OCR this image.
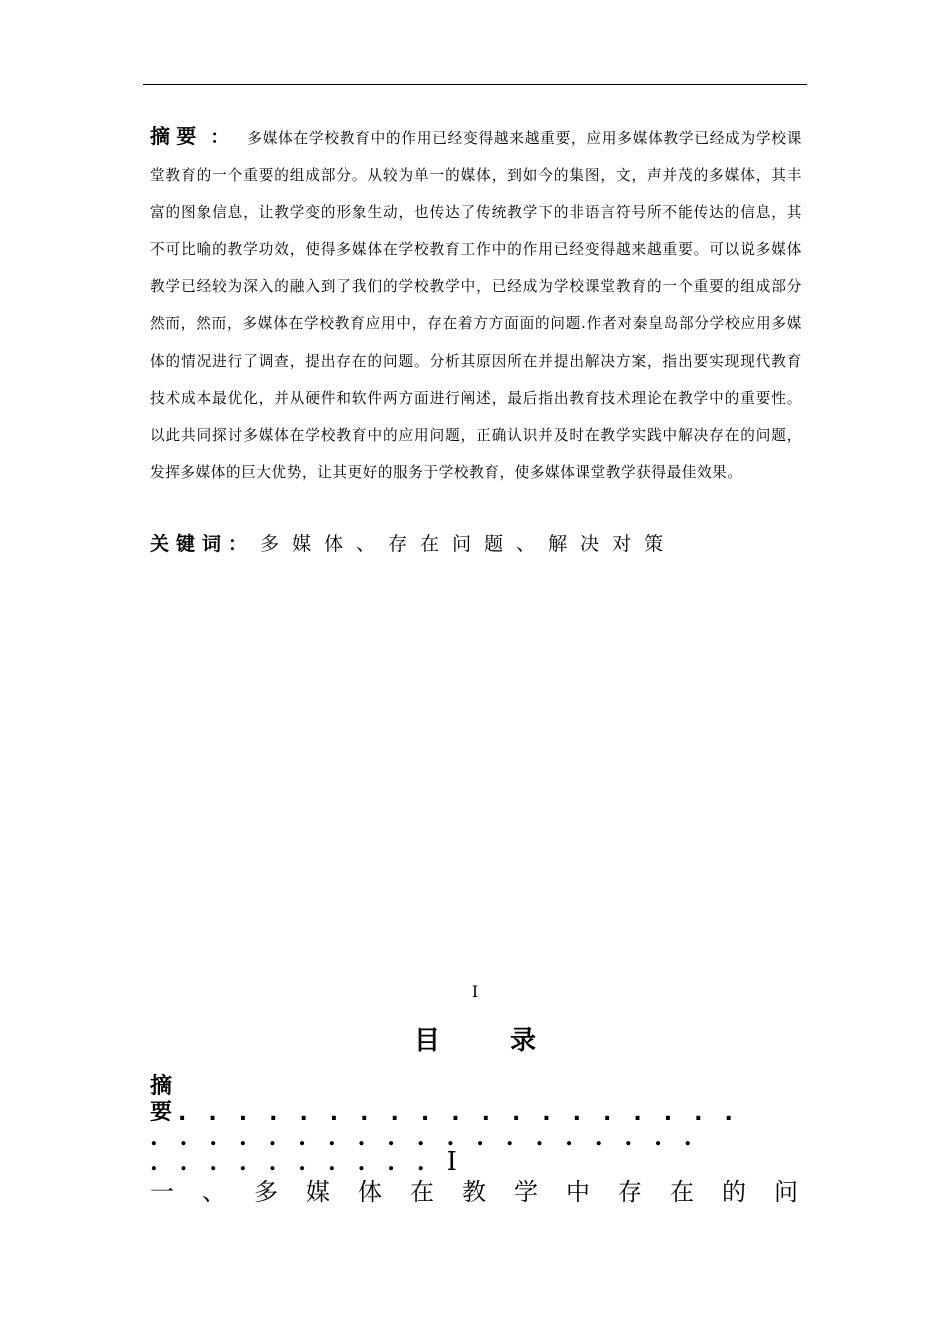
摘要 ： 多媒体在学校教育中的作用已经变得越来越重要，应用多媒体教学已经成为学校课堂教育的一个重要的组成部分。从较为单一的媒体，到如今的集图，文，声并茂的多媒体，其丰富的图象信息，让教学变的形象生动，也传达了传统教学下的非语言符号所不能传达的信息，其不可比喻的教学功效，使得多媒体在学校教育工作中的作用已经变得越来越重要。可以说多媒体教学已经较为深入的融入到了我们的学校教学中，已经成为学校课堂教育的一个重要的组成部分然而，然而，多媒体在学校教育应用中，存在着方方面面的问题.作者对秦皇岛部分学校应用多媒体的情况进行了调查，提出存在的问题。分析其原因所在并提出解决方案，指出要实现现代教育技术成本最优化，并从硬件和软件两方面进行阐述，最后指出教育技术理论在教学中的重要性。以此共同探讨多媒体在学校教育中的应用问题，正确认识并及时在教学实践中解决存在的问题，发挥多媒体的巨大优势，让其更好的服务于学校教育，使多媒体课堂教学获得最佳效果。
关键词： 多媒体、存在问题、解决对策
I
目录
摘
要 ...................
...................
..........I
一、多媒体在教学中存在的问
